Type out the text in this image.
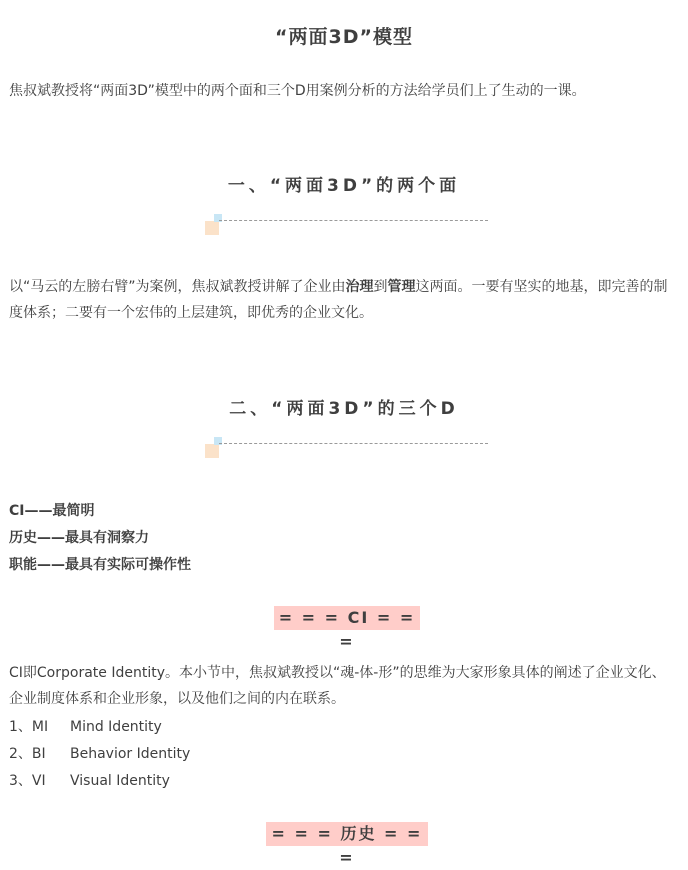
“两面3D”模型

焦叔斌教授将“两面3D”模型中的两个面和三个D用案例分析的方法给学员们上了生动的一课。

一、“两面3D”的两个面

以“马云的左膀右臂”为案例，焦叔斌教授讲解了企业由治理到管理这两面。一要有坚实的地基，即完善的制度体系；二要有一个宏伟的上层建筑，即优秀的企业文化。

二、“两面3D”的三个D
CI——最简明
历史——最具有洞察力
职能——最具有实际可操作性
= = = CI = = =

CI即Corporate Identity。本小节中，焦叔斌教授以“魂-体-形”的思维为大家形象具体的阐述了企业文化、企业制度体系和企业形象，以及他们之间的内在联系。

1、MI Mind Identity
2、BI Behavior Identity
3、VI Visual Identity
= = = 历史 = = =
